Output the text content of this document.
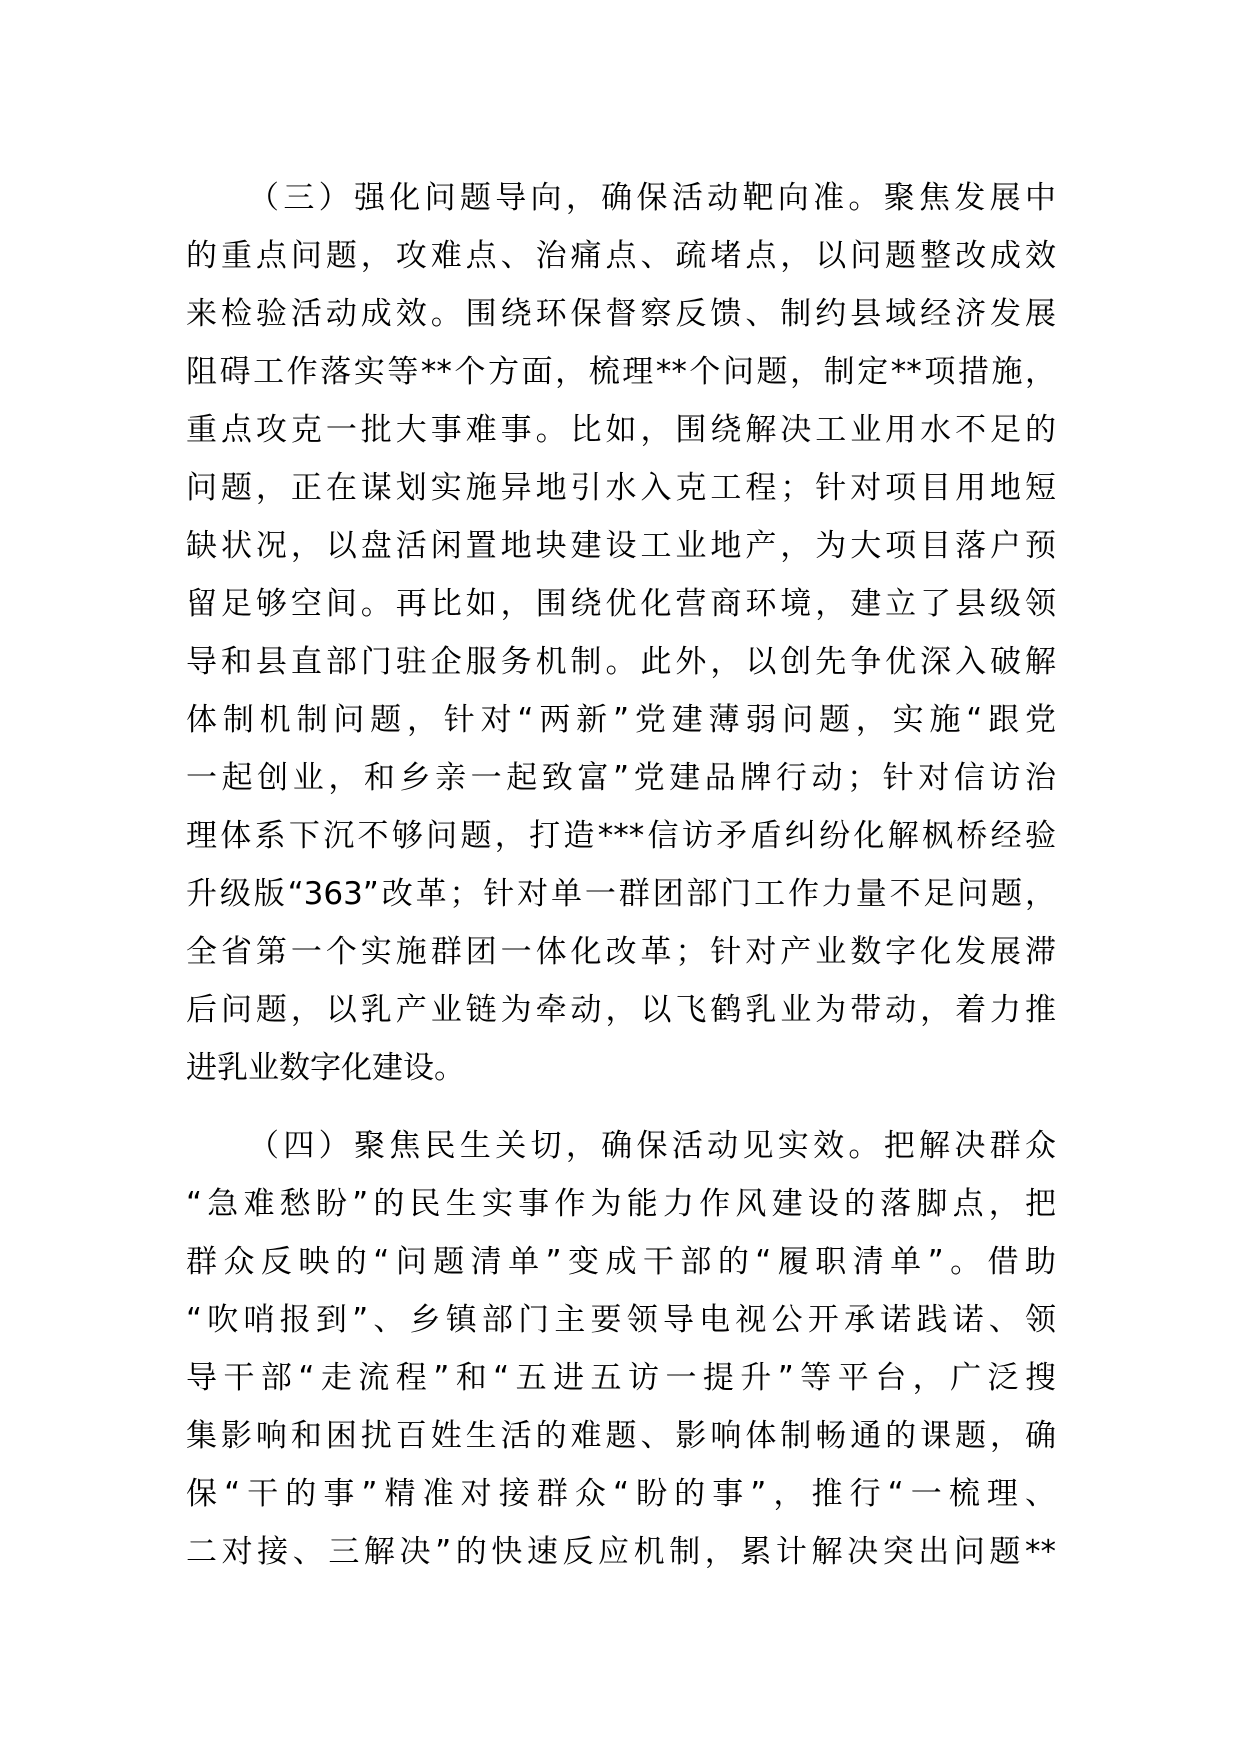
（三）强化问题导向，确保活动靶向准。聚焦发展中
的重点问题，攻难点、治痛点、疏堵点，以问题整改成效
来检验活动成效。围绕环保督察反馈、制约县域经济发展
阻碍工作落实等**个方面，梳理**个问题，制定**项措施，
重点攻克一批大事难事。比如，围绕解决工业用水不足的
问题，正在谋划实施异地引水入克工程；针对项目用地短
缺状况，以盘活闲置地块建设工业地产，为大项目落户预
留足够空间。再比如，围绕优化营商环境，建立了县级领
导和县直部门驻企服务机制。此外，以创先争优深入破解
体制机制问题，针对“两新”党建薄弱问题，实施“跟党
一起创业，和乡亲一起致富”党建品牌行动；针对信访治
理体系下沉不够问题，打造***信访矛盾纠纷化解枫桥经验
升级版“363”改革；针对单一群团部门工作力量不足问题，
全省第一个实施群团一体化改革；针对产业数字化发展滞
后问题，以乳产业链为牵动，以飞鹤乳业为带动，着力推
进乳业数字化建设。
（四）聚焦民生关切，确保活动见实效。把解决群众
“急难愁盼”的民生实事作为能力作风建设的落脚点，把
群众反映的“问题清单”变成干部的“履职清单”。借助
“吹哨报到”、乡镇部门主要领导电视公开承诺践诺、领
导干部“走流程”和“五进五访一提升”等平台，广泛搜
集影响和困扰百姓生活的难题、影响体制畅通的课题，确
保“干的事”精准对接群众“盼的事”，推行“一梳理、
二对接、三解决”的快速反应机制，累计解决突出问题**
